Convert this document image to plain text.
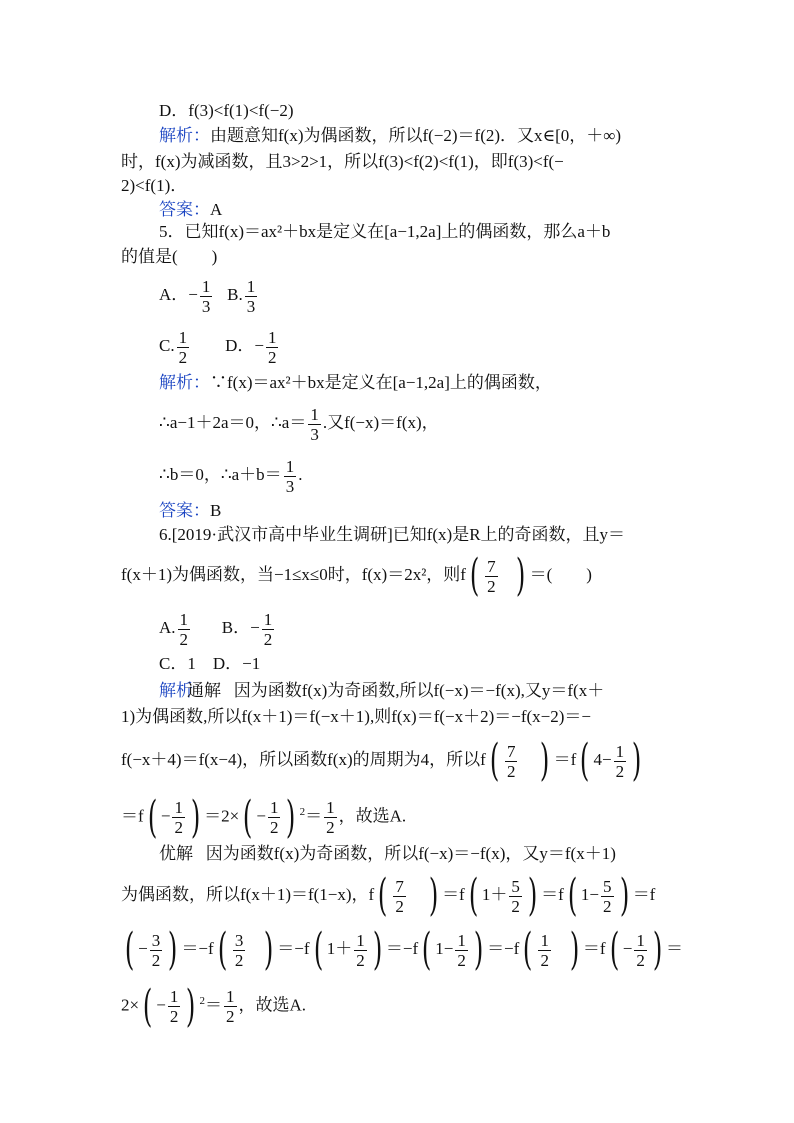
D．f(3)<f(1)<f(−2)
解析：由题意知f(x)为偶函数，所以f(−2)＝f(2)．又x∈[0，＋∞)
时，f(x)为减函数，且3>2>1，所以f(3)<f(2)<f(1)，即f(3)<f(−
2)<f(1)．
答案：A
5．已知f(x)＝ax²＋bx是定义在[a−1,2a]上的偶函数，那么a＋b
的值是(　　)
A．− $\frac{1}{3} B$. $\frac{1}{3}$
C. $\frac{1}{2}$ D．− $\frac{1}{2}$
解析：∵f(x)＝ax²＋bx是定义在[a−1,2a]上的偶函数，
∴a−1＋2a＝0，∴a＝ $\frac{1}{3}$ .又f(−x)＝f(x)，
∴b＝0，∴a＋b＝ $\frac{1}{3}$ .
答案：B
6.[2019·武汉市高中毕业生调研]已知f(x)是R上的奇函数，且y＝
f(x＋1)为偶函数，当−1≤x≤0时，f(x)＝2x²，则$f( \frac{7}{2}$ ) ＝(　　)
A. $\frac{1}{2}$ B．− $\frac{1}{2}$
C．1　D．−1
解析通解 因为函数f(x)为奇函数,所以f(−x)＝−f(x),又y＝f(x＋
1)为偶函数,所以f(x＋1)＝f(−x＋1),则f(x)＝f(−x＋2)＝−f(x−2)＝−
f(−x＋4)＝f(x−4)，所以函数f(x)的周期为4，所以$f( \frac{7}{2}$ ) ＝f( $4- \frac{1}{2}$ )
$=f( - \frac{1}{2}$ ) $=2\times( - \frac{1}{2}$ ) $^2= \frac{1}{2}$ ，故选A.
优解 因为函数f(x)为奇函数，所以f(−x)＝−f(x)，又y＝f(x＋1)
为偶函数，所以f(x＋1)＝f(1−x)，$f( \frac{7}{2}$ ) ＝f( $1+ \frac{5}{2}$ ) ＝f( $1- \frac{5}{2}$ ) ＝f
( − $\frac{3}{2}$ ) $=-f( \frac{3}{2}$ ) ＝−f( $1+ \frac{1}{2}$ ) ＝−f( $1- \frac{1}{2}$ ) $=-f( \frac{1}{2}$ ) $=f( - \frac{1}{2}$ ) ＝
$2\times( - \frac{1}{2}$ ) $^2= \frac{1}{2}$ ，故选A.
